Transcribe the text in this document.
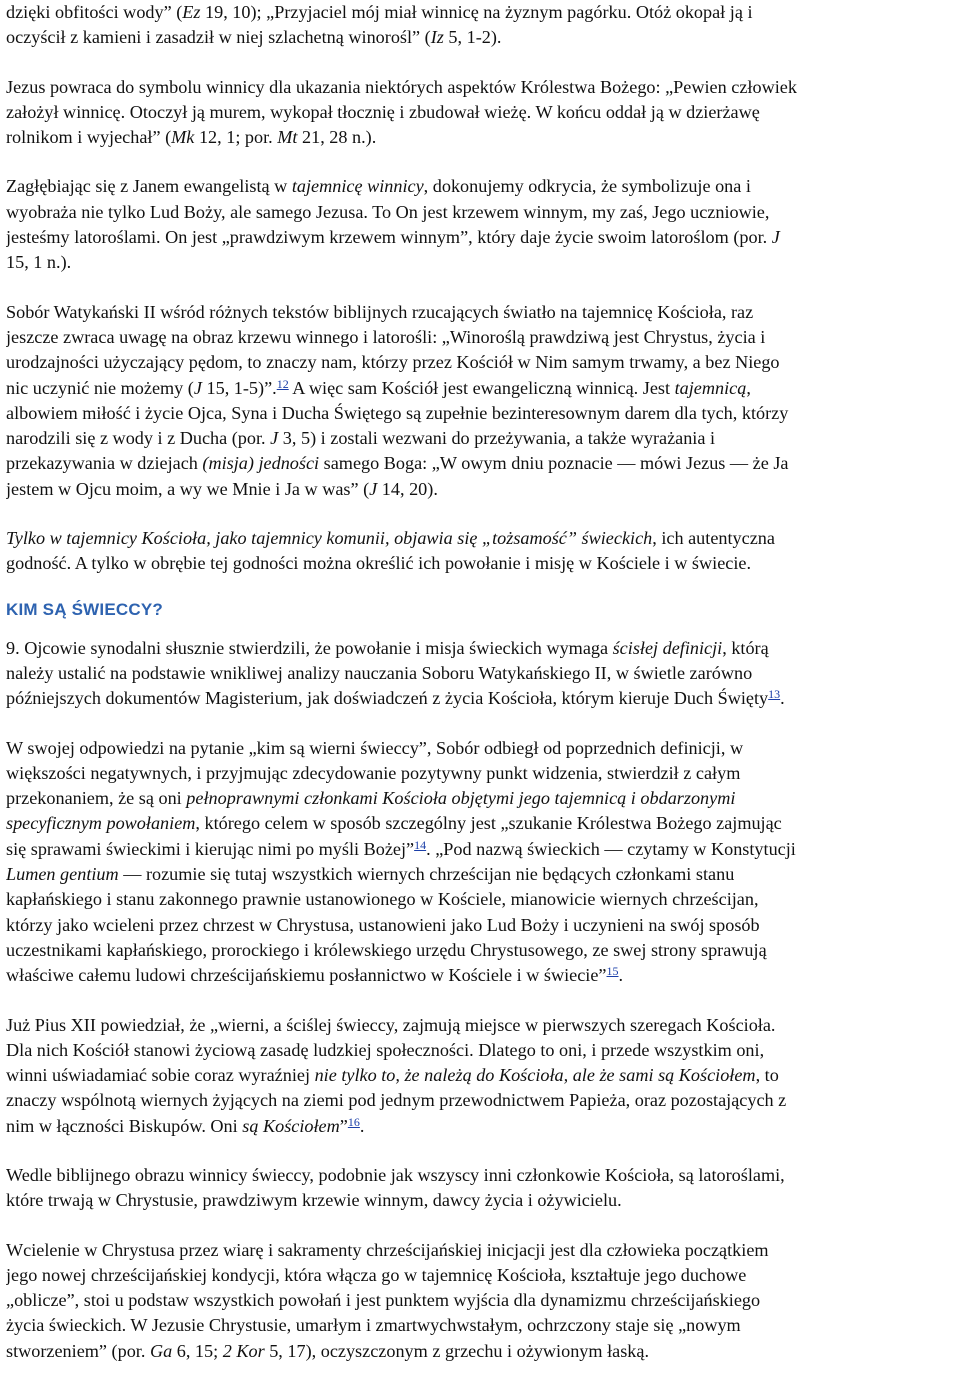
dzięki obfitości wody” (Ez 19, 10); „Przyjaciel mój miał winnicę na żyznym pagórku. Otóż okopał ją i
oczyścił z kamieni i zasadził w niej szlachetną winorośl” (Iz 5, 1-2).

Jezus powraca do symbolu winnicy dla ukazania niektórych aspektów Królestwa Bożego: „Pewien człowiek
założył winnicę. Otoczył ją murem, wykopał tłocznię i zbudował wieżę. W końcu oddał ją w dzierżawę
rolnikom i wyjechał” (Mk 12, 1; por. Mt 21, 28 n.).

Zagłębiając się z Janem ewangelistą w tajemnicę winnicy, dokonujemy odkrycia, że symbolizuje ona i
wyobraża nie tylko Lud Boży, ale samego Jezusa. To On jest krzewem winnym, my zaś, Jego uczniowie,
jesteśmy latoroślami. On jest „prawdziwym krzewem winnym”, który daje życie swoim latoroślom (por. J
15, 1 n.).

Sobór Watykański II wśród różnych tekstów biblijnych rzucających światło na tajemnicę Kościoła, raz
jeszcze zwraca uwagę na obraz krzewu winnego i latorośli: „Winoroślą prawdziwą jest Chrystus, życia i
urodzajności użyczający pędom, to znaczy nam, którzy przez Kościół w Nim samym trwamy, a bez Niego
nic uczynić nie możemy (J 15, 1-5)”.$^{12}$ A więc sam Kościół jest ewangeliczną winnicą. Jest tajemnicą,
albowiem miłość i życie Ojca, Syna i Ducha Świętego są zupełnie bezinteresownym darem dla tych, którzy
narodzili się z wody i z Ducha (por. J 3, 5) i zostali wezwani do przeżywania, a także wyrażania i
przekazywania w dziejach (misja) jedności samego Boga: „W owym dniu poznacie — mówi Jezus — że Ja
jestem w Ojcu moim, a wy we Mnie i Ja w was” (J 14, 20).

Tylko w tajemnicy Kościoła, jako tajemnicy komunii, objawia się „tożsamość” świeckich, ich autentyczna
godność. A tylko w obrębie tej godności można określić ich powołanie i misję w Kościele i w świecie.

KIM SĄ ŚWIECCY?

9. Ojcowie synodalni słusznie stwierdzili, że powołanie i misja świeckich wymaga ścisłej definicji, którą
należy ustalić na podstawie wnikliwej analizy nauczania Soboru Watykańskiego II, w świetle zarówno
późniejszych dokumentów Magisterium, jak doświadczeń z życia Kościoła, którym kieruje Duch Święty$^{13}$.

W swojej odpowiedzi na pytanie „kim są wierni świeccy”, Sobór odbiegł od poprzednich definicji, w
większości negatywnych, i przyjmując zdecydowanie pozytywny punkt widzenia, stwierdził z całym
przekonaniem, że są oni pełnoprawnymi członkami Kościoła objętymi jego tajemnicą i obdarzonymi
specyficznym powołaniem, którego celem w sposób szczególny jest „szukanie Królestwa Bożego zajmując
się sprawami świeckimi i kierując nimi po myśli Bożej”$^{14}$. „Pod nazwą świeckich — czytamy w Konstytucji
Lumen gentium — rozumie się tutaj wszystkich wiernych chrześcijan nie będących członkami stanu
kapłańskiego i stanu zakonnego prawnie ustanowionego w Kościele, mianowicie wiernych chrześcijan,
którzy jako wcieleni przez chrzest w Chrystusa, ustanowieni jako Lud Boży i uczynieni na swój sposób
uczestnikami kapłańskiego, prorockiego i królewskiego urzędu Chrystusowego, ze swej strony sprawują
właściwe całemu ludowi chrześcijańskiemu posłannictwo w Kościele i w świecie”$^{15}$.

Już Pius XII powiedział, że „wierni, a ściślej świeccy, zajmują miejsce w pierwszych szeregach Kościoła.
Dla nich Kościół stanowi życiową zasadę ludzkiej społeczności. Dlatego to oni, i przede wszystkim oni,
winni uświadamiać sobie coraz wyraźniej nie tylko to, że należą do Kościoła, ale że sami są Kościołem, to
znaczy wspólnotą wiernych żyjących na ziemi pod jednym przewodnictwem Papieża, oraz pozostających z
nim w łączności Biskupów. Oni są Kościołem”$^{16}$.

Wedle biblijnego obrazu winnicy świeccy, podobnie jak wszyscy inni członkowie Kościoła, są latoroślami,
które trwają w Chrystusie, prawdziwym krzewie winnym, dawcy życia i ożywicielu.

Wcielenie w Chrystusa przez wiarę i sakramenty chrześcijańskiej inicjacji jest dla człowieka początkiem
jego nowej chrześcijańskiej kondycji, która włącza go w tajemnicę Kościoła, kształtuje jego duchowe
„oblicze”, stoi u podstaw wszystkich powołań i jest punktem wyjścia dla dynamizmu chrześcijańskiego
życia świeckich. W Jezusie Chrystusie, umarłym i zmartwychwstałym, ochrzczony staje się „nowym
stworzeniem” (por. Ga 6, 15; 2 Kor 5, 17), oczyszczonym z grzechu i ożywionym łaską.
